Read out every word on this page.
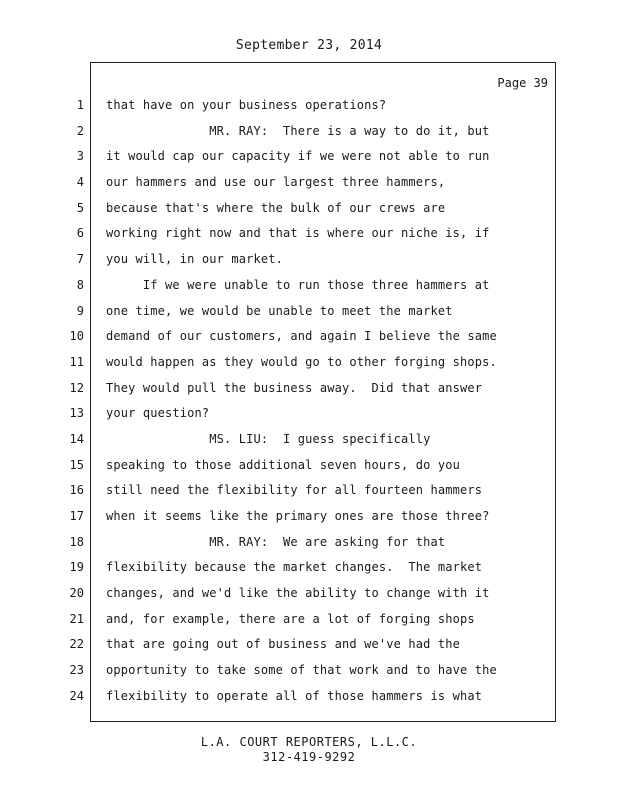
September 23, 2014
Page 39
1
2
3
4
5
6
7
8
9
10
11
12
13
14
15
16
17
18
19
20
21
22
23
24
that have on your business operations?
MR. RAY:  There is a way to do it, but
it would cap our capacity if we were not able to run
our hammers and use our largest three hammers,
because that's where the bulk of our crews are
working right now and that is where our niche is, if
you will, in our market.
If we were unable to run those three hammers at
one time, we would be unable to meet the market
demand of our customers, and again I believe the same
would happen as they would go to other forging shops.
They would pull the business away.  Did that answer
your question?
MS. LIU:  I guess specifically
speaking to those additional seven hours, do you
still need the flexibility for all fourteen hammers
when it seems like the primary ones are those three?
MR. RAY:  We are asking for that
flexibility because the market changes.  The market
changes, and we'd like the ability to change with it
and, for example, there are a lot of forging shops
that are going out of business and we've had the
opportunity to take some of that work and to have the
flexibility to operate all of those hammers is what
L.A. COURT REPORTERS, L.L.C.
312-419-9292
